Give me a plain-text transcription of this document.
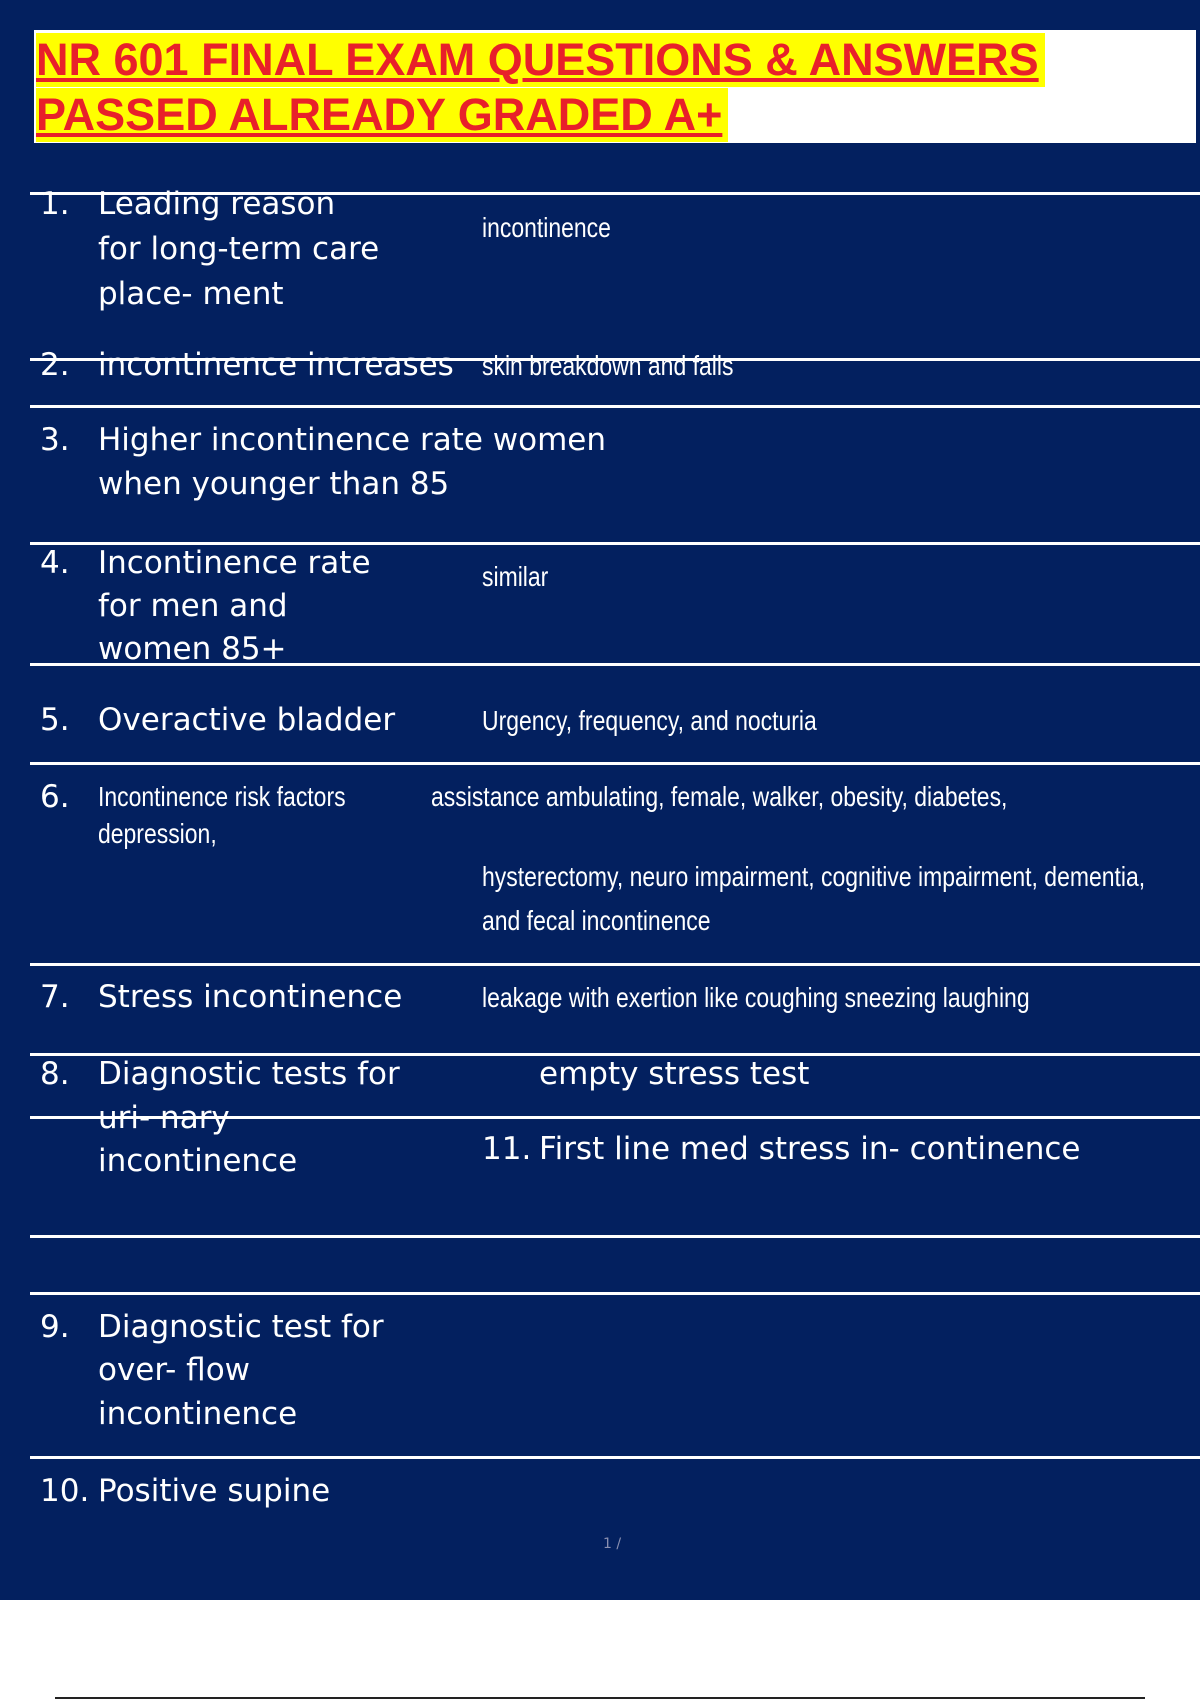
NR 601 FINAL EXAM QUESTIONS & ANSWERS
PASSED ALREADY GRADED A+
1. Leading reason
for long-term care
place- ment
incontinence
2. incontinence increases skin breakdown and falls
3. Higher incontinence rate women
when younger than 85
4. Incontinence rate
for men and
women 85+
similar
5. Overactive bladder	Urgency, frequency, and nocturia
6. Incontinence risk factors
depression,
assistance ambulating, female, walker, obesity, diabetes,
hysterectomy, neuro impairment, cognitive impairment, dementia,
and fecal incontinence
7. Stress incontinence	leakage with exertion like coughing sneezing laughing
8. Diagnostic tests for
uri- nary
incontinence
empty stress test
11. First line med stress in- continence
9. Diagnostic test for
over- flow
incontinence
10. Positive supine
1 /
